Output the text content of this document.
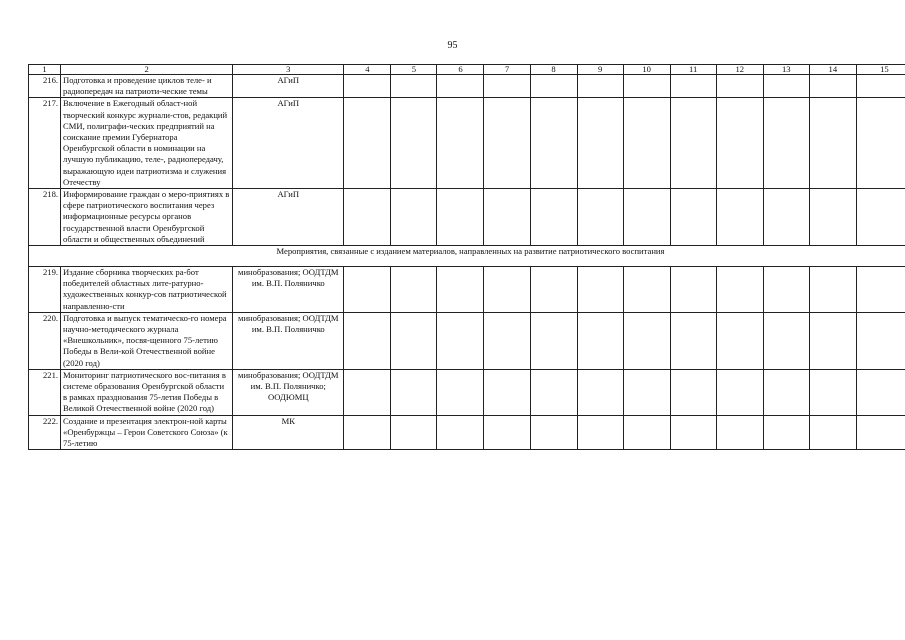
95
1	2	3	4	5	6	7	8	9	10	11	12	13	14	15
216.	Подготовка и проведение циклов теле- и радиопередач на патриоти-ческие темы	АГиП												
217.	Включение в Ежегодный област-ной творческий конкурс журнали-стов, редакций СМИ, полиграфи-ческих предприятий на соискание премии Губернатора Оренбургской области в номинации на лучшую публикацию, теле-, радиопередачу, выражающую идеи патриотизма и служения Отечеству	АГиП												
218.	Информирование граждан о меро-приятиях в сфере патриотического воспитания через информационные ресурсы органов государственной власти Оренбургской области и общественных объединений	АГиП												
Мероприятия, связанные с изданием материалов, направленных на развитие патриотического воспитания														
219.	Издание сборника творческих ра-бот победителей областных лите-ратурно-художественных конкур-сов патриотической направленно-сти	минобразования; ООДТДМ им. В.П. Поляничко												
220.	Подготовка и выпуск тематическо-го номера научно-методического журнала «Внешкольник», посвя-щенного 75-летию Победы в Вели-кой Отечественной войне (2020 год)	минобразования; ООДТДМ им. В.П. Поляничко												
221.	Мониторинг патриотического вос-питания в системе образования Оренбургской области в рамках празднования 75-летия Победы в Великой Отечественной войне (2020 год)	минобразования; ООДТДМ им. В.П. Поляничко; ООДЮМЦ												
222.	Создание и презентация электрон-ной карты «Оренбуржцы – Герои Советского Союза» (к 75-летию	МК												
